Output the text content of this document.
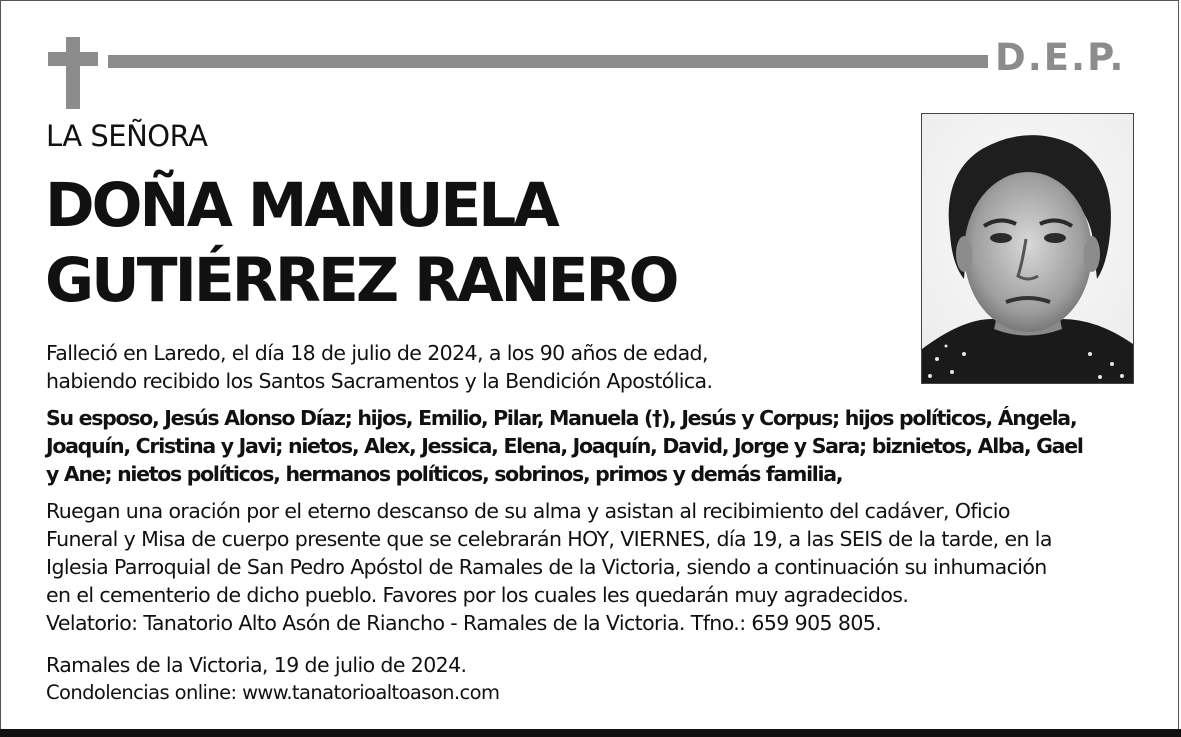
D.E.P.
LA SEÑORA
DOÑA MANUELA
GUTIÉRREZ RANERO
Falleció en Laredo, el día 18 de julio de 2024, a los 90 años de edad,
habiendo recibido los Santos Sacramentos y la Bendición Apostólica.
Su esposo, Jesús Alonso Díaz; hijos, Emilio, Pilar, Manuela (†), Jesús y Corpus; hijos políticos, Ángela,
Joaquín, Cristina y Javi; nietos, Alex, Jessica, Elena, Joaquín, David, Jorge y Sara; biznietos, Alba, Gael
y Ane; nietos políticos, hermanos políticos, sobrinos, primos y demás familia,
Ruegan una oración por el eterno descanso de su alma y asistan al recibimiento del cadáver, Oficio
Funeral y Misa de cuerpo presente que se celebrarán HOY, VIERNES, día 19, a las SEIS de la tarde, en la
Iglesia Parroquial de San Pedro Apóstol de Ramales de la Victoria, siendo a continuación su inhumación
en el cementerio de dicho pueblo. Favores por los cuales les quedarán muy agradecidos.
Velatorio: Tanatorio Alto Asón de Riancho - Ramales de la Victoria. Tfno.: 659 905 805.
Ramales de la Victoria, 19 de julio de 2024.
Condolencias online: www.tanatorioaltoason.com
